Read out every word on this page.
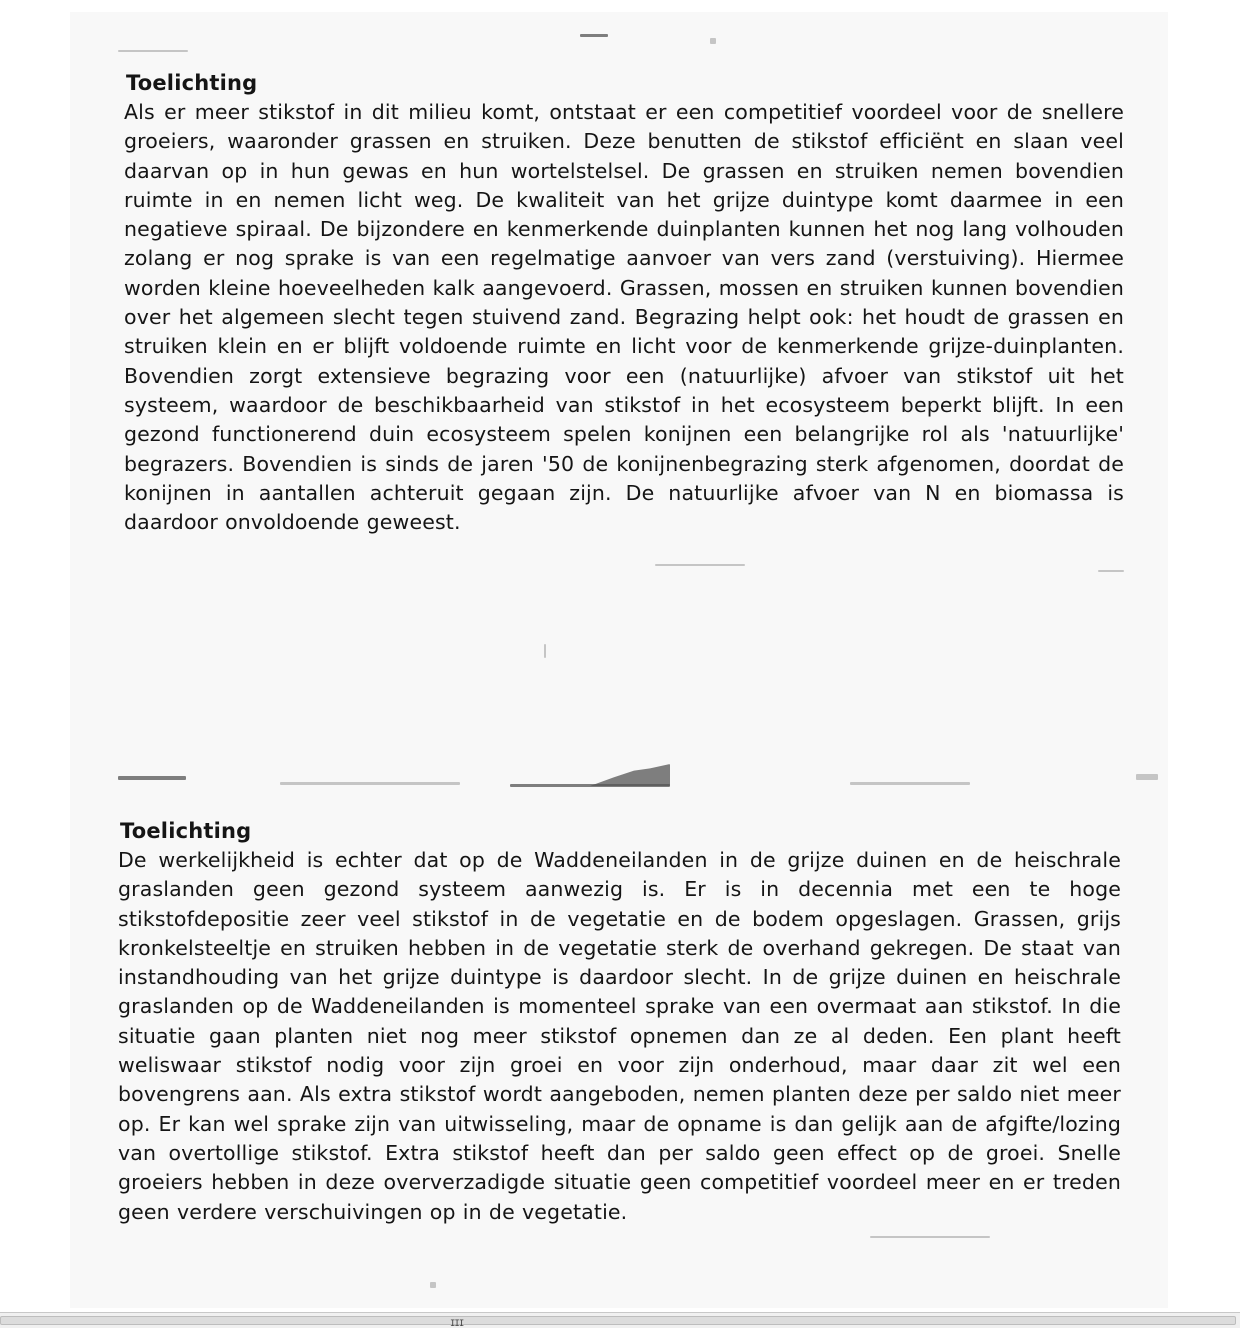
Toelichting
Als er meer stikstof in dit milieu komt, ontstaat er een competitief voordeel voor de snellere groeiers, waaronder grassen en struiken. Deze benutten de stikstof efficiënt en slaan veel daarvan op in hun gewas en hun wortelstelsel. De grassen en struiken nemen bovendien ruimte in en nemen licht weg. De kwaliteit van het grijze duintype komt daarmee in een negatieve spiraal. De bijzondere en kenmerkende duinplanten kunnen het nog lang volhouden zolang er nog sprake is van een regelmatige aanvoer van vers zand (verstuiving). Hiermee worden kleine hoeveelheden kalk aangevoerd. Grassen, mossen en struiken kunnen bovendien over het algemeen slecht tegen stuivend zand. Begrazing helpt ook: het houdt de grassen en struiken klein en er blijft voldoende ruimte en licht voor de kenmerkende grijze-duinplanten. Bovendien zorgt extensieve begrazing voor een (natuurlijke) afvoer van stikstof uit het systeem, waardoor de beschikbaarheid van stikstof in het ecosysteem beperkt blijft. In een gezond functionerend duin ecosysteem spelen konijnen een belangrijke rol als 'natuurlijke' begrazers. Bovendien is sinds de jaren '50 de konijnenbegrazing sterk afgenomen, doordat de konijnen in aantallen achteruit gegaan zijn. De natuurlijke afvoer van N en biomassa is daardoor onvoldoende geweest.
Toelichting
De werkelijkheid is echter dat op de Waddeneilanden in de grijze duinen en de heischrale graslanden geen gezond systeem aanwezig is. Er is in decennia met een te hoge stikstofdepositie zeer veel stikstof in de vegetatie en de bodem opgeslagen. Grassen, grijs kronkelsteeltje en struiken hebben in de vegetatie sterk de overhand gekregen. De staat van instandhouding van het grijze duintype is daardoor slecht. In de grijze duinen en heischrale graslanden op de Waddeneilanden is momenteel sprake van een overmaat aan stikstof. In die situatie gaan planten niet nog meer stikstof opnemen dan ze al deden. Een plant heeft weliswaar stikstof nodig voor zijn groei en voor zijn onderhoud, maar daar zit wel een bovengrens aan. Als extra stikstof wordt aangeboden, nemen planten deze per saldo niet meer op. Er kan wel sprake zijn van uitwisseling, maar de opname is dan gelijk aan de afgifte/lozing van overtollige stikstof. Extra stikstof heeft dan per saldo geen effect op de groei. Snelle groeiers hebben in deze oververzadigde situatie geen competitief voordeel meer en er treden geen verdere verschuivingen op in de vegetatie.
III
